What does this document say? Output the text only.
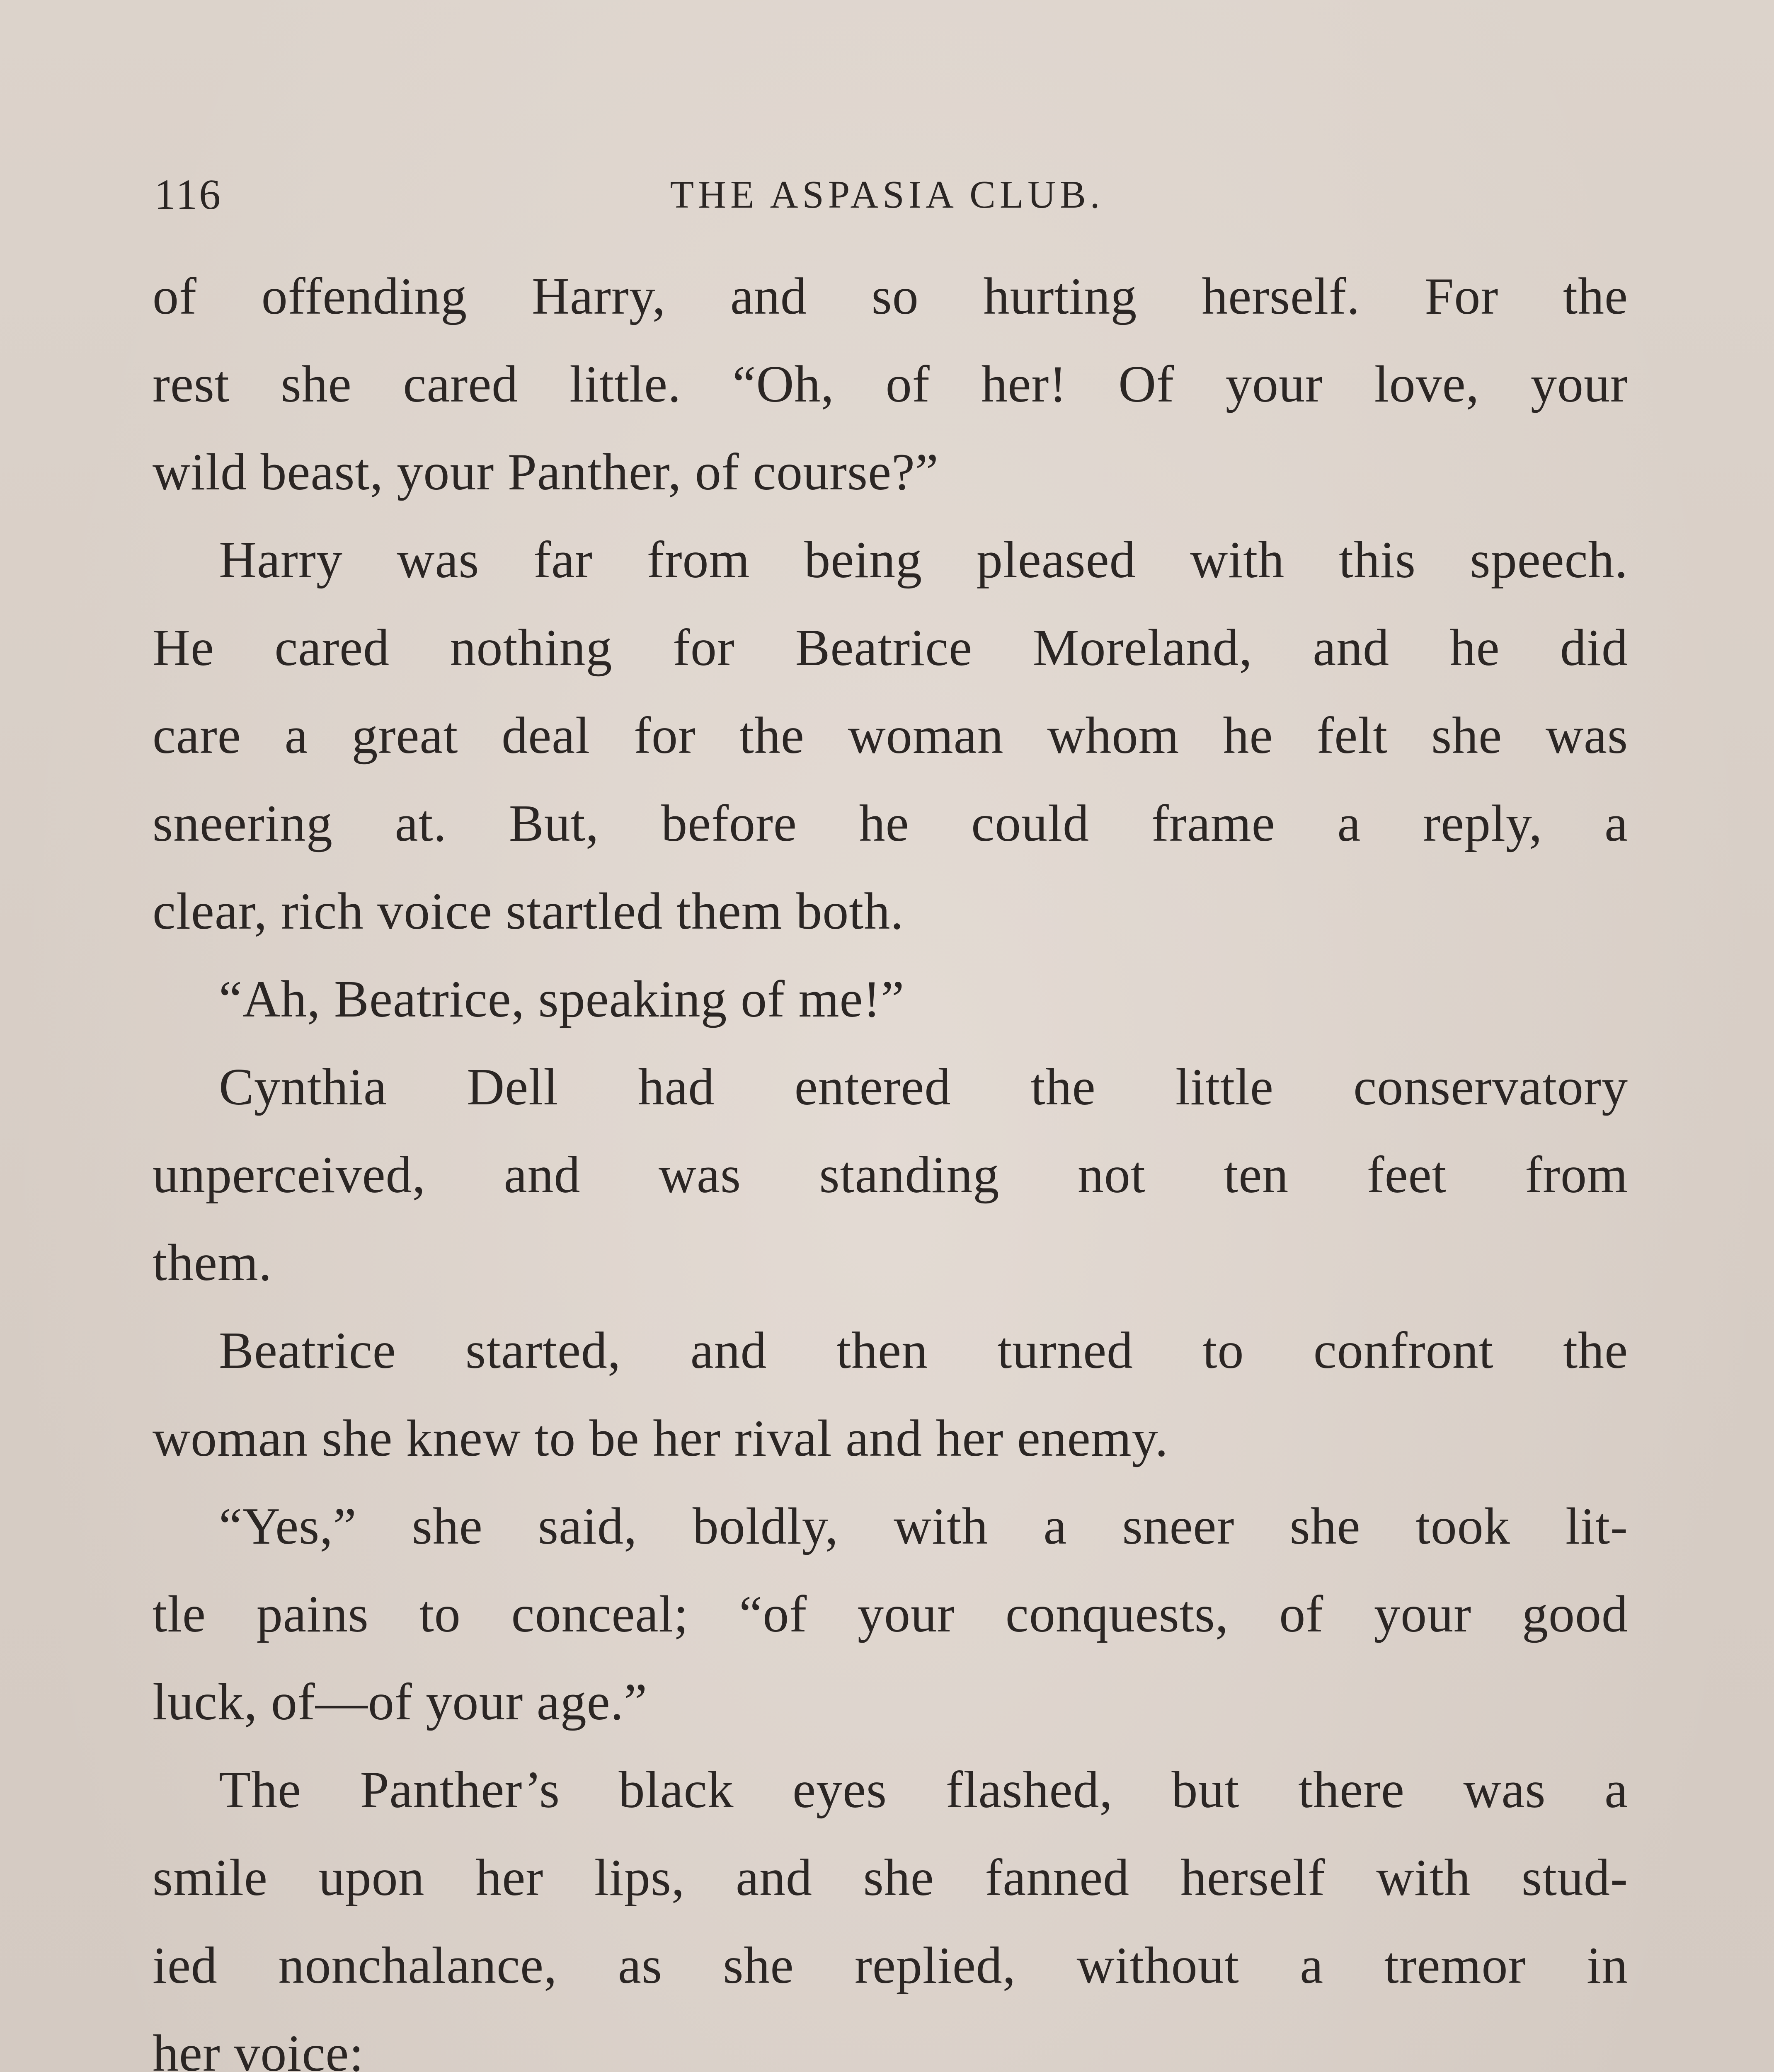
116	THE ASPASIA CLUB.
of offending Harry, and so hurting herself. For the
rest she cared little. “Oh, of her! Of your love, your
wild beast, your Panther, of course?”
Harry was far from being pleased with this speech.
He cared nothing for Beatrice Moreland, and he did
care a great deal for the woman whom he felt she was
sneering at. But, before he could frame a reply, a
clear, rich voice startled them both.
“Ah, Beatrice, speaking of me!”
Cynthia Dell had entered the little conservatory
unperceived, and was standing not ten feet from
them.
Beatrice started, and then turned to confront the
woman she knew to be her rival and her enemy.
“Yes,” she said, boldly, with a sneer she took lit-
tle pains to conceal; “of your conquests, of your good
luck, of—of your age.”
The Panther’s black eyes flashed, but there was a
smile upon her lips, and she fanned herself with stud-
ied nonchalance, as she replied, without a tremor in
her voice:
